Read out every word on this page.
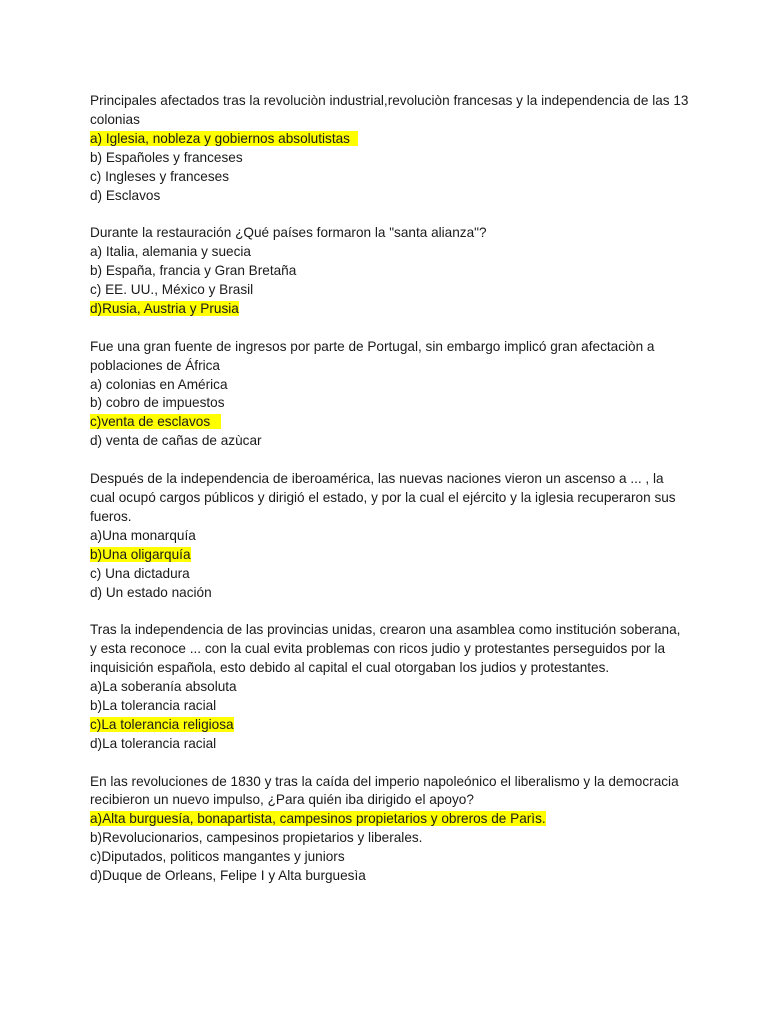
Principales afectados tras la revoluciòn industrial,revoluciòn francesas y la independencia de las 13 colonias

a) Iglesia, nobleza y gobiernos absolutistas

b) Españoles y franceses

c) Ingleses y franceses

d) Esclavos

Durante la restauración ¿Qué países formaron la "santa alianza"?

a) Italia, alemania y suecia

b) España, francia y Gran Bretaña

c) EE. UU., México y Brasil

d)Rusia, Austria y Prusia

Fue una gran fuente de ingresos por parte de Portugal, sin embargo implicó gran afectaciòn a poblaciones de África

a) colonias en América

b) cobro de impuestos

c)venta de esclavos

d) venta de cañas de azùcar

Después de la independencia de iberoamérica, las nuevas naciones vieron un ascenso a ... , la cual ocupó cargos públicos y dirigió el estado, y por la cual el ejército y la iglesia recuperaron sus fueros.

a)Una monarquía

b)Una oligarquía

c) Una dictadura

d) Un estado nación

Tras la independencia de las provincias unidas, crearon una asamblea como institución soberana, y esta reconoce ... con la cual evita problemas con ricos judio y protestantes perseguidos por la inquisición española, esto debido al capital el cual otorgaban los judios y protestantes.

a)La soberanía absoluta

b)La tolerancia racial

c)La tolerancia religiosa

d)La tolerancia racial

En las revoluciones de 1830 y tras la caída del imperio napoleónico el liberalismo y la democracia recibieron un nuevo impulso, ¿Para quién iba dirigido el apoyo?

a)Alta burguesía, bonapartista, campesinos propietarios y obreros de Parìs.

b)Revolucionarios, campesinos propietarios y liberales.

c)Diputados, politicos mangantes y juniors

d)Duque de Orleans, Felipe I y Alta burguesìa
